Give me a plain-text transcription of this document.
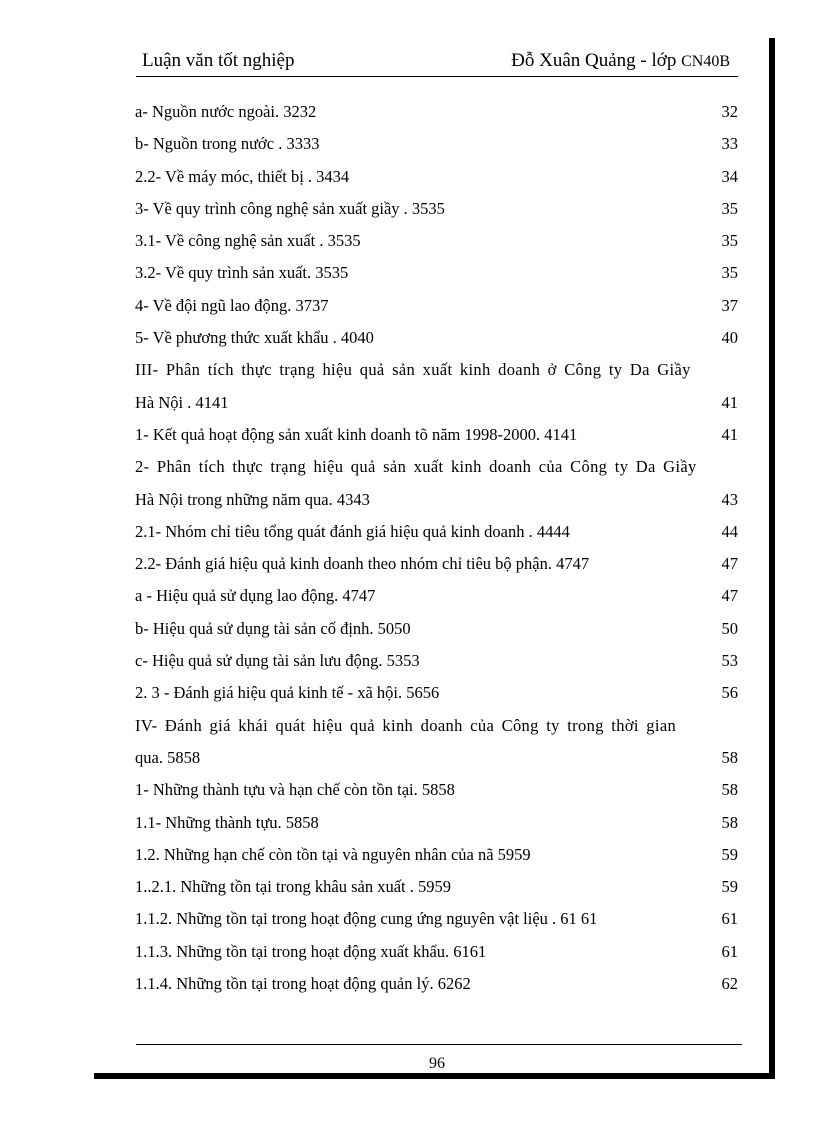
Luận văn tốt nghiệp	Đỗ Xuân Quảng - lớp CN40B
a- Nguồn nước ngoài. 3232	32
b- Nguồn trong nước . 3333	33
2.2- Về máy móc, thiết bị . 3434	34
3- Về quy trình công nghệ sản xuất giầy . 3535	35
3.1- Về công nghệ sản xuất . 3535	35
3.2- Về quy trình sản xuất. 3535	35
4- Về đội ngũ lao động. 3737	37
5- Về phương thức xuất khẩu . 4040	40
III- Phân tích thực trạng hiệu quả sản xuất kinh doanh ở Công ty Da Giầy
Hà Nội . 4141	41
1- Kết quả hoạt động sản xuất kinh doanh tõ năm 1998-2000. 4141	41
2- Phân tích thực trạng hiệu quả sản xuất kinh doanh của Công ty Da Giầy
Hà Nội trong những năm qua. 4343	43
2.1- Nhóm chỉ tiêu tổng quát đánh giá hiệu quả kinh doanh . 4444	44
2.2- Đánh giá hiệu quả kinh doanh theo nhóm chỉ tiêu bộ phận. 4747	47
a - Hiệu quả sử dụng lao động. 4747	47
b- Hiệu quả sử dụng tài sản cố định. 5050	50
c- Hiệu quả sử dụng tài sản lưu động. 5353	53
2. 3 - Đánh giá hiệu quả kinh tế - xã hội. 5656	56
IV- Đánh giá khái quát hiệu quả kinh doanh của Công ty trong thời gian
qua. 5858	58
1- Những thành tựu và hạn chế còn tồn tại. 5858	58
1.1- Những thành tựu. 5858	58
1.2. Những hạn chế còn tồn tại và nguyên nhân của nã 5959	59
1..2.1. Những tồn tại trong khâu sản xuất . 5959	59
1.1.2. Những tồn tại trong hoạt động cung ứng nguyên vật liệu . 61 61	61
1.1.3. Những tồn tại trong hoạt động xuất khẩu. 6161	61
1.1.4. Những tồn tại trong hoạt động quản lý. 6262	62
96
